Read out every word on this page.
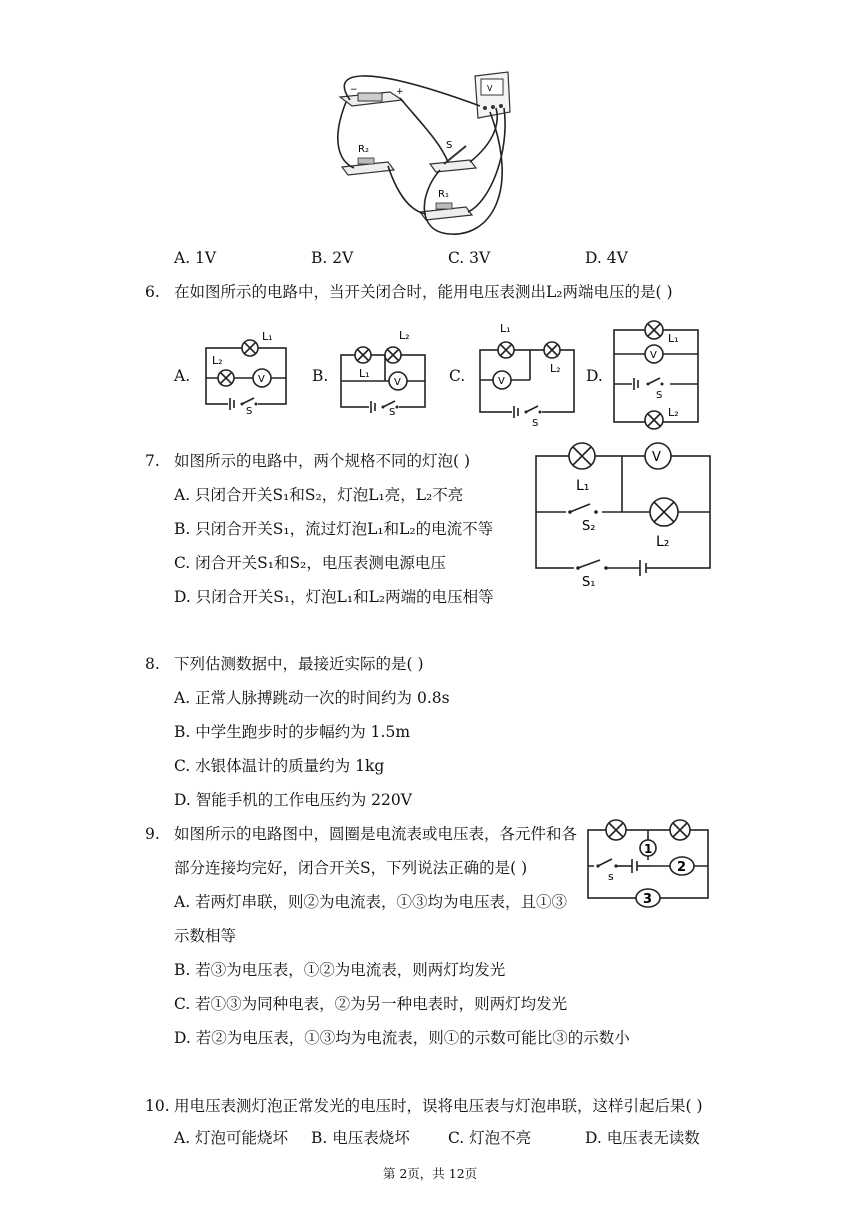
−	+	V
R₂	S
R₁
A. 1V	B. 2V	C. 3V	D. 4V
6. 在如图所示的电路中，当开关闭合时，能用电压表测出L₂两端电压的是( )
A.	V
L₁
L₂
S
B.	V
L₂
L₁
S
C.	V
L₁
L₂
S
D.
V
L₁
L₂
S
7. 如图所示的电路中，两个规格不同的灯泡( )
A. 只闭合开关S₁和S₂，灯泡L₁亮，L₂不亮
B. 只闭合开关S₁，流过灯泡L₁和L₂的电流不等
C. 闭合开关S₁和S₂，电压表测电源电压
D. 只闭合开关S₁，灯泡L₁和L₂两端的电压相等
L₁
V
S₂
L₂
S₁
8. 下列估测数据中，最接近实际的是( )
A. 正常人脉搏跳动一次的时间约为 0.8s
B. 中学生跑步时的步幅约为 1.5m
C. 水银体温计的质量约为 1kg
D. 智能手机的工作电压约为 220V
9. 如图所示的电路图中，圆圈是电流表或电压表，各元件和各
部分连接均完好，闭合开关S，下列说法正确的是( )
A. 若两灯串联，则②为电流表，①③均为电压表，且①③
示数相等
B. 若③为电压表，①②为电流表，则两灯均发光
C. 若①③为同种电表，②为另一种电表时，则两灯均发光
D. 若②为电压表，①③均为电流表，则①的示数可能比③的示数小
1
s
2
3
10. 用电压表测灯泡正常发光的电压时，误将电压表与灯泡串联，这样引起后果( )
A. 灯泡可能烧坏 B. 电压表烧坏 C. 灯泡不亮	D. 电压表无读数
第 2页，共 12页
